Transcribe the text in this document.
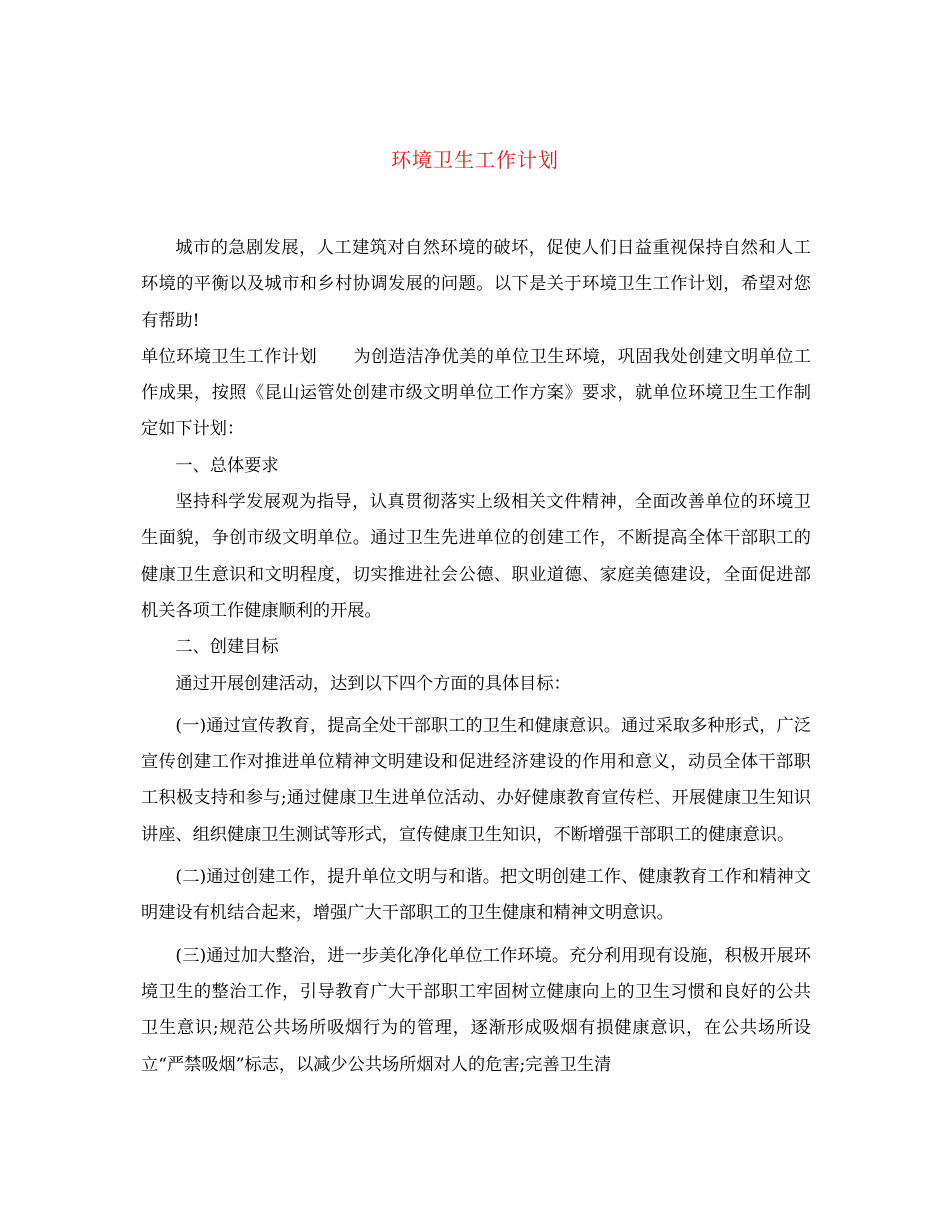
环境卫生工作计划

城市的急剧发展，人工建筑对自然环境的破坏，促使人们日益重视保持自然和人工环境的平衡以及城市和乡村协调发展的问题。以下是关于环境卫生工作计划，希望对您有帮助!

单位环境卫生工作计划 为创造洁净优美的单位卫生环境，巩固我处创建文明单位工作成果，按照《昆山运管处创建市级文明单位工作方案》要求，就单位环境卫生工作制定如下计划：

一、总体要求

坚持科学发展观为指导，认真贯彻落实上级相关文件精神，全面改善单位的环境卫生面貌，争创市级文明单位。通过卫生先进单位的创建工作，不断提高全体干部职工的健康卫生意识和文明程度，切实推进社会公德、职业道德、家庭美德建设，全面促进部机关各项工作健康顺利的开展。

二、创建目标

通过开展创建活动，达到以下四个方面的具体目标：

(一)通过宣传教育，提高全处干部职工的卫生和健康意识。通过采取多种形式，广泛宣传创建工作对推进单位精神文明建设和促进经济建设的作用和意义，动员全体干部职工积极支持和参与;通过健康卫生进单位活动、办好健康教育宣传栏、开展健康卫生知识讲座、组织健康卫生测试等形式，宣传健康卫生知识，不断增强干部职工的健康意识。

(二)通过创建工作，提升单位文明与和谐。把文明创建工作、健康教育工作和精神文明建设有机结合起来，增强广大干部职工的卫生健康和精神文明意识。

(三)通过加大整治，进一步美化净化单位工作环境。充分利用现有设施，积极开展环境卫生的整治工作，引导教育广大干部职工牢固树立健康向上的卫生习惯和良好的公共卫生意识;规范公共场所吸烟行为的管理，逐渐形成吸烟有损健康意识，在公共场所设立“严禁吸烟”标志，以减少公共场所烟对人的危害;完善卫生清
